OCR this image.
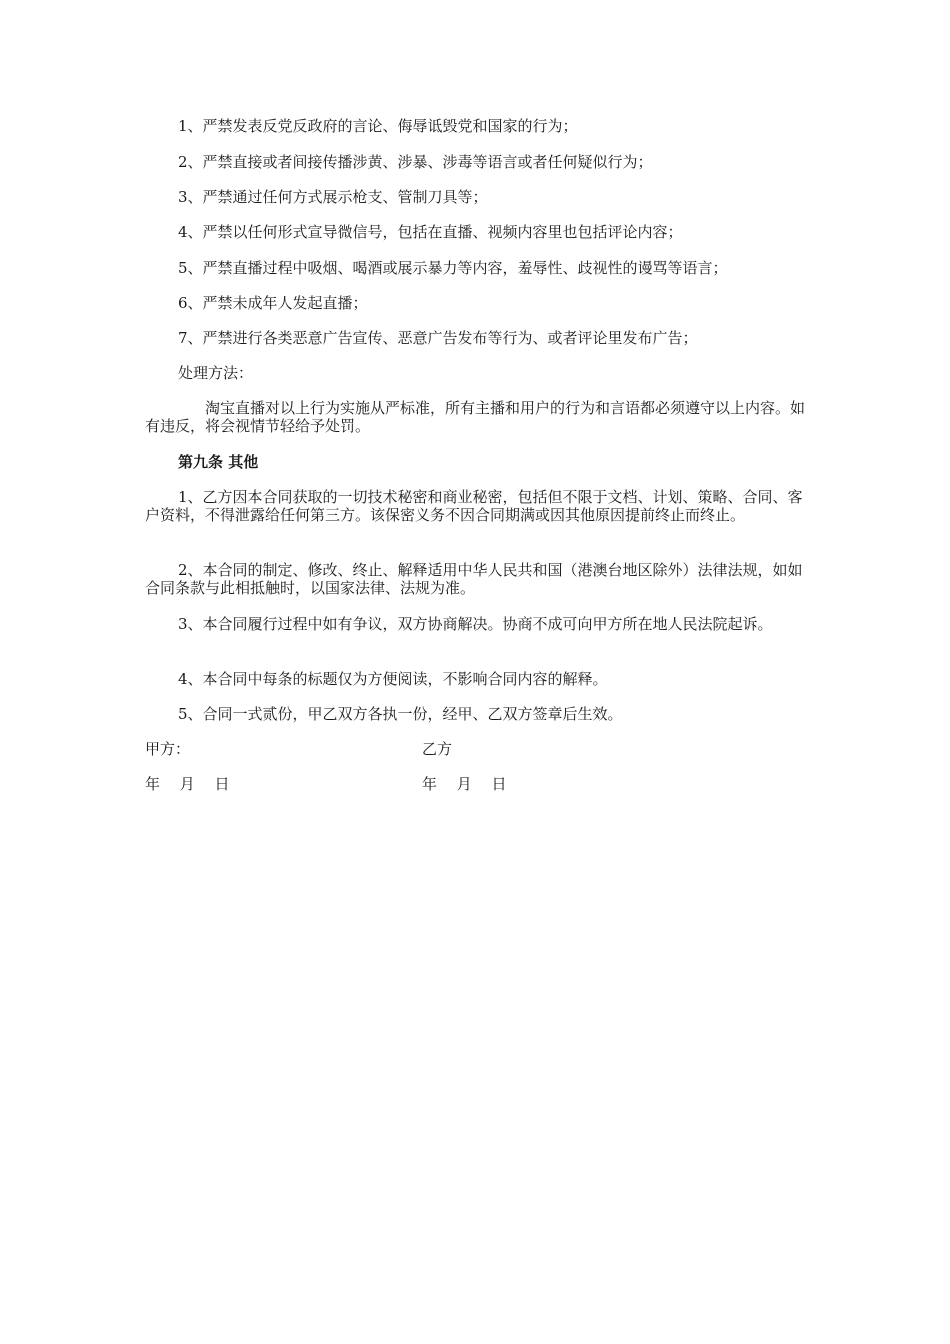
1、严禁发表反党反政府的言论、侮辱诋毁党和国家的行为；

2、严禁直接或者间接传播涉黄、涉暴、涉毒等语言或者任何疑似行为；

3、严禁通过任何方式展示枪支、管制刀具等；

4、严禁以任何形式宣导微信号，包括在直播、视频内容里也包括评论内容；

5、严禁直播过程中吸烟、喝酒或展示暴力等内容，羞辱性、歧视性的谩骂等语言；

6、严禁未成年人发起直播；

7、严禁进行各类恶意广告宣传、恶意广告发布等行为、或者评论里发布广告；

处理方法：

淘宝直播对以上行为实施从严标准，所有主播和用户的行为和言语都必须遵守以上内容。如有违反，将会视情节轻给予处罚。

第九条 其他

1、乙方因本合同获取的一切技术秘密和商业秘密，包括但不限于文档、计划、策略、合同、客户资料，不得泄露给任何第三方。该保密义务不因合同期满或因其他原因提前终止而终止。

2、本合同的制定、修改、终止、解释适用中华人民共和国（港澳台地区除外）法律法规，如如合同条款与此相抵触时，以国家法律、法规为准。

3、本合同履行过程中如有争议，双方协商解决。协商不成可向甲方所在地人民法院起诉。

4、本合同中每条的标题仅为方便阅读，不影响合同内容的解释。

5、合同一式贰份，甲乙双方各执一份，经甲、乙双方签章后生效。

甲方：	乙方
年　 月　 日	年　 月　 日
